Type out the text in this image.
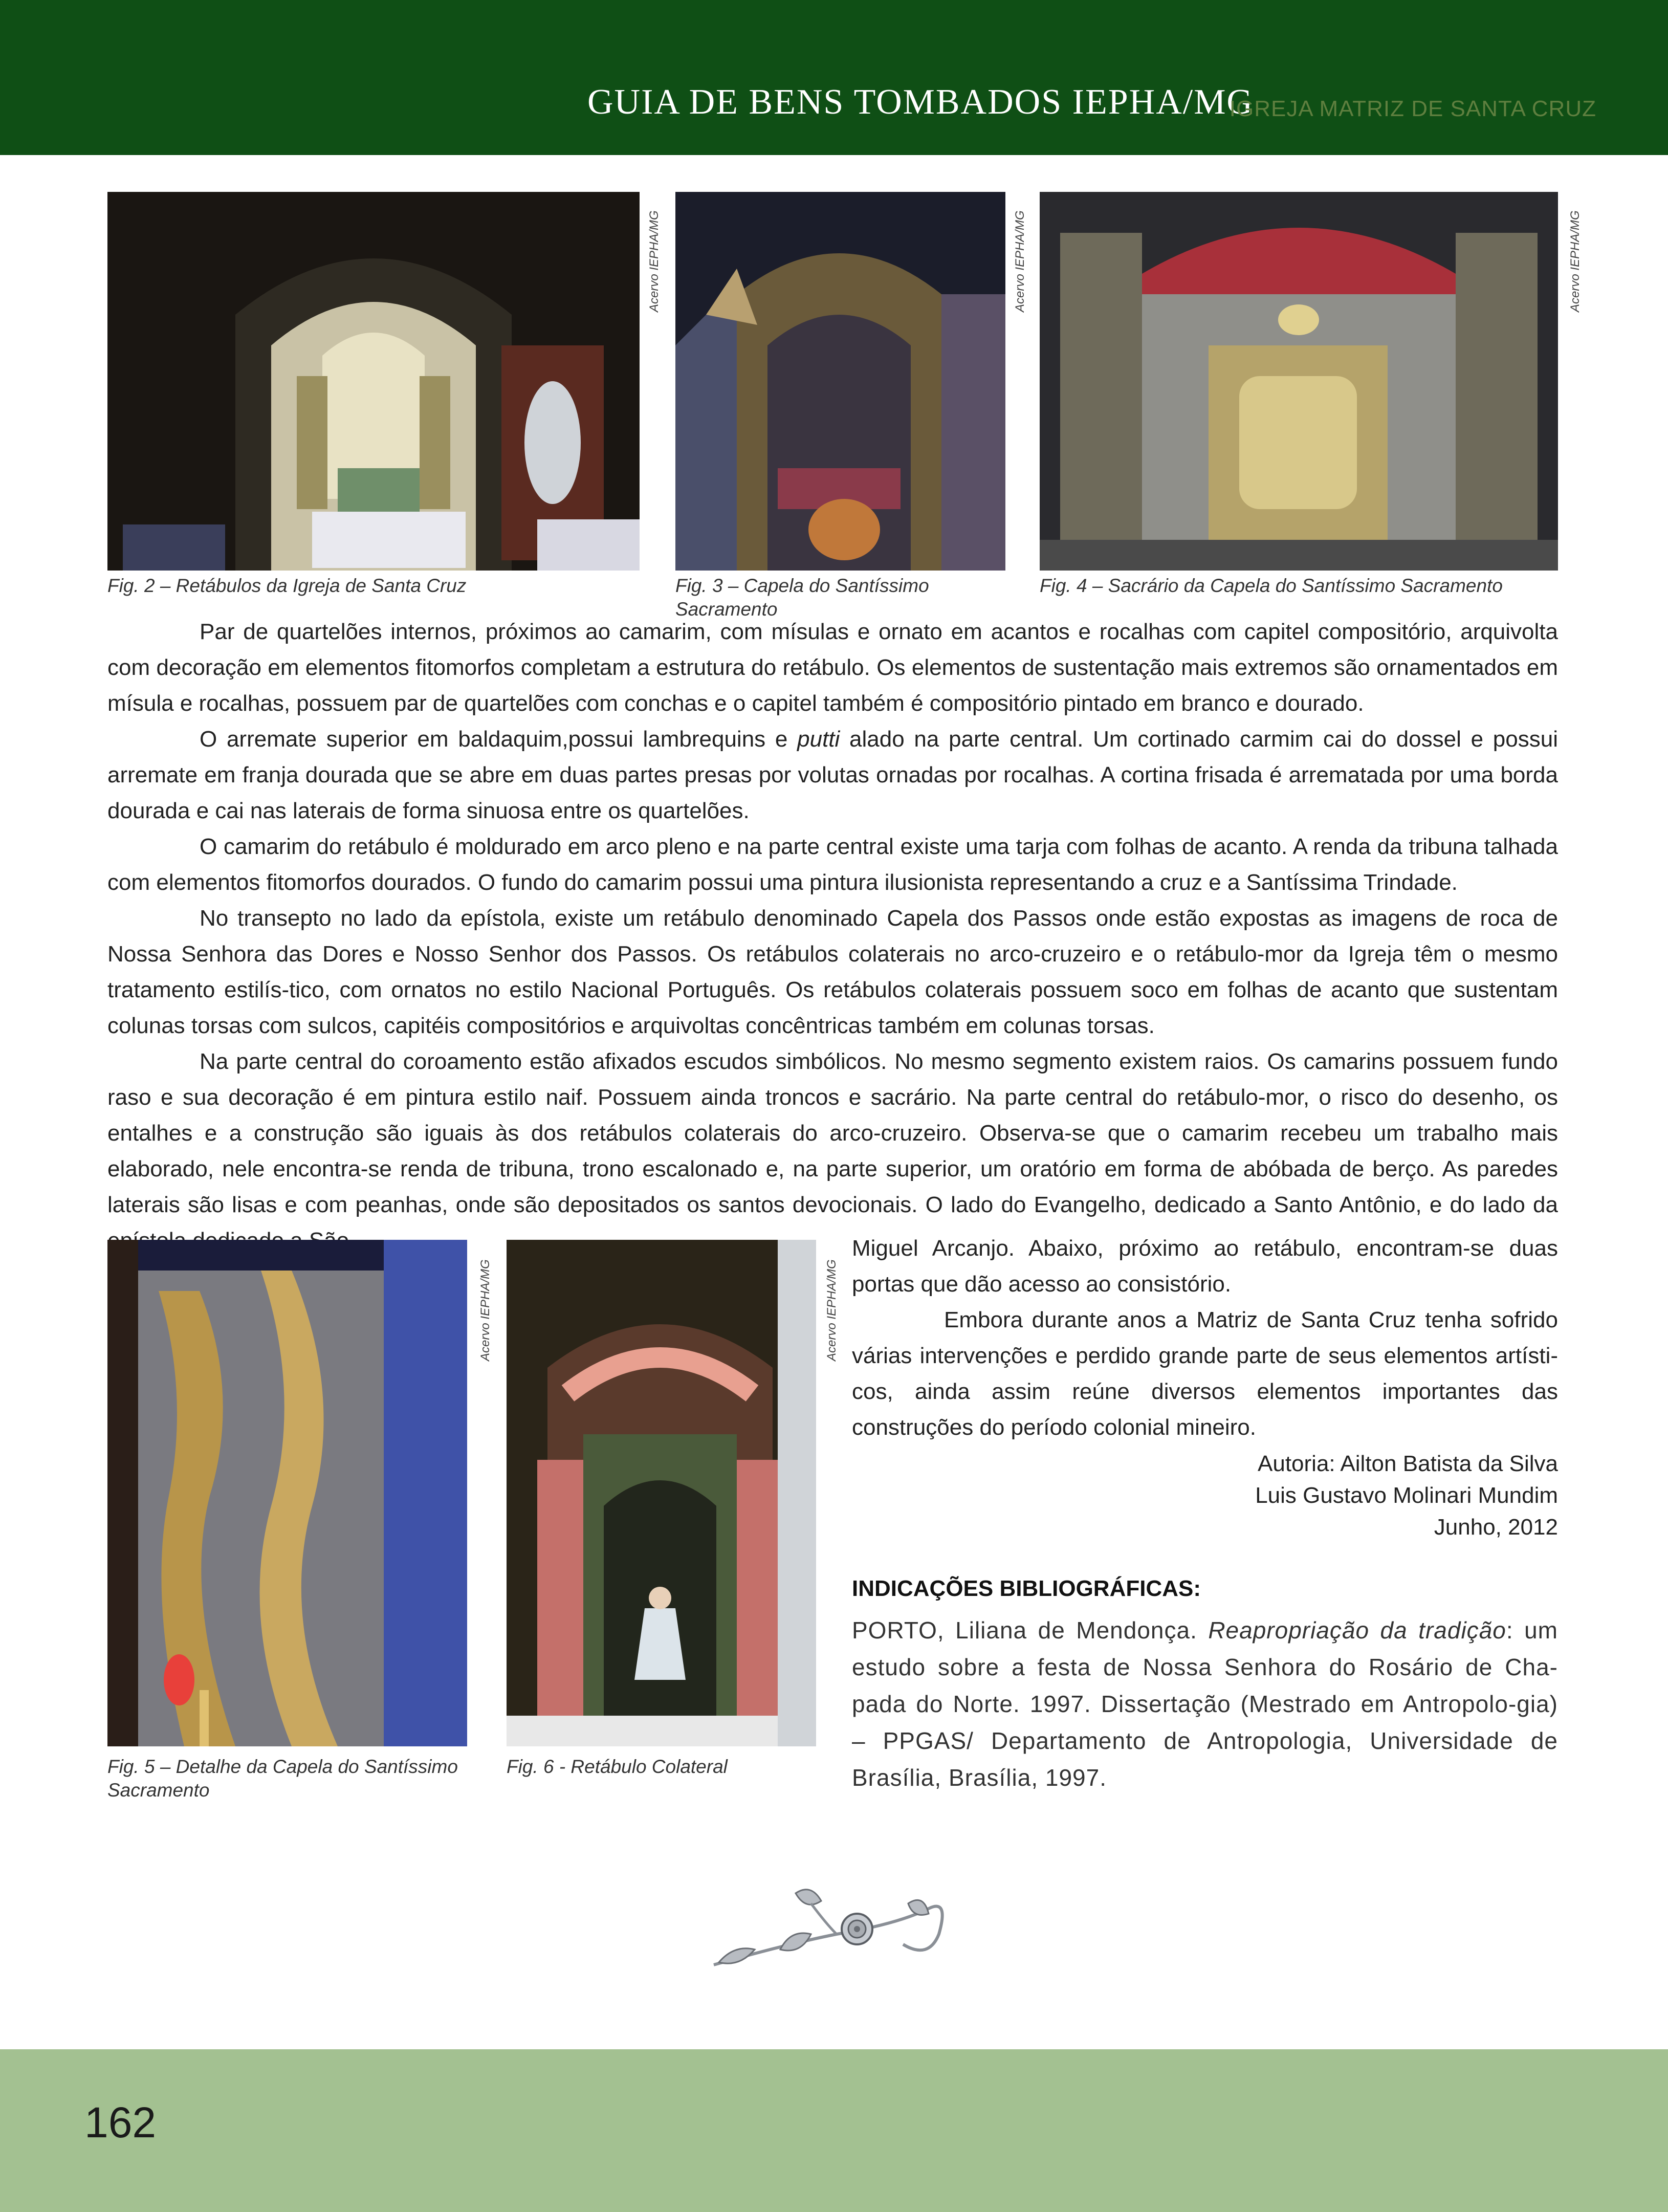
GUIA DE BENS TOMBADOS IEPHA/MG
IGREJA MATRIZ DE SANTA CRUZ
Acervo IEPHA/MG
Fig. 2 – Retábulos da Igreja de Santa Cruz
Acervo IEPHA/MG
Fig. 3 – Capela do Santíssimo Sacramento
Acervo IEPHA/MG
Fig. 4 – Sacrário da Capela do Santíssimo Sacramento

Par de quartelões internos, próximos ao camarim, com mísulas e ornato em acantos e rocalhas com capitel compositório, arquivolta com decoração em elementos fitomorfos completam a estrutura do retábulo. Os elementos de sustentação mais extremos são ornamentados em mísula e rocalhas, possuem par de quartelões com conchas e o capitel também é compositório pintado em branco e dourado.

O arremate superior em baldaquim,possui lambrequins e putti alado na parte central. Um cortinado carmim cai do dossel e possui arremate em franja dourada que se abre em duas partes presas por volutas ornadas por rocalhas. A cortina frisada é arrematada por uma borda dourada e cai nas laterais de forma sinuosa entre os quartelões.

O camarim do retábulo é moldurado em arco pleno e na parte central existe uma tarja com folhas de acanto. A renda da tribuna talhada com elementos fitomorfos dourados. O fundo do camarim possui uma pintura ilusionista representando a cruz e a Santíssima Trindade.

No transepto no lado da epístola, existe um retábulo denominado Capela dos Passos onde estão expostas as imagens de roca de Nossa Senhora das Dores e Nosso Senhor dos Passos. Os retábulos colaterais no arco-cruzeiro e o retábulo-mor da Igreja têm o mesmo tratamento estilís-tico, com ornatos no estilo Nacional Português. Os retábulos colaterais possuem soco em folhas de acanto que sustentam colunas torsas com sulcos, capitéis compositórios e arquivoltas concêntricas também em colunas torsas.

Na parte central do coroamento estão afixados escudos simbólicos. No mesmo segmento existem raios. Os camarins possuem fundo raso e sua decoração é em pintura estilo naif. Possuem ainda troncos e sacrário. Na parte central do retábulo-mor, o risco do desenho, os entalhes e a construção são iguais às dos retábulos colaterais do arco-cruzeiro. Observa-se que o camarim recebeu um trabalho mais elaborado, nele encontra-se renda de tribuna, trono escalonado e, na parte superior, um oratório em forma de abóbada de berço. As paredes laterais são lisas e com peanhas, onde são depositados os santos devocionais. O lado do Evangelho, dedicado a Santo Antônio, e do lado da

Acervo IEPHA/MG
Fig. 5 – Detalhe da Capela do Santíssimo Sacramento
Acervo IEPHA/MG
Fig. 6 - Retábulo Colateral

Miguel Arcanjo. Abaixo, próximo ao retábulo, encontram-se duas portas que dão acesso ao consistório.

Embora durante anos a Matriz de Santa Cruz tenha sofrido várias intervenções e perdido grande parte de seus elementos artísti-cos, ainda assim reúne diversos elementos importantes das construções do período colonial mineiro.

Autoria: Ailton Batista da Silva
Luis Gustavo Molinari Mundim
Junho, 2012
INDICAÇÕES BIBLIOGRÁFICAS:
PORTO, Liliana de Mendonça. Reapropriação da tradição: um estudo sobre a festa de Nossa Senhora do Rosário de Cha-pada do Norte. 1997. Dissertação (Mestrado em Antropolo-gia) – PPGAS/ Departamento de Antropologia, Universidade de Brasília, Brasília, 1997.
162
